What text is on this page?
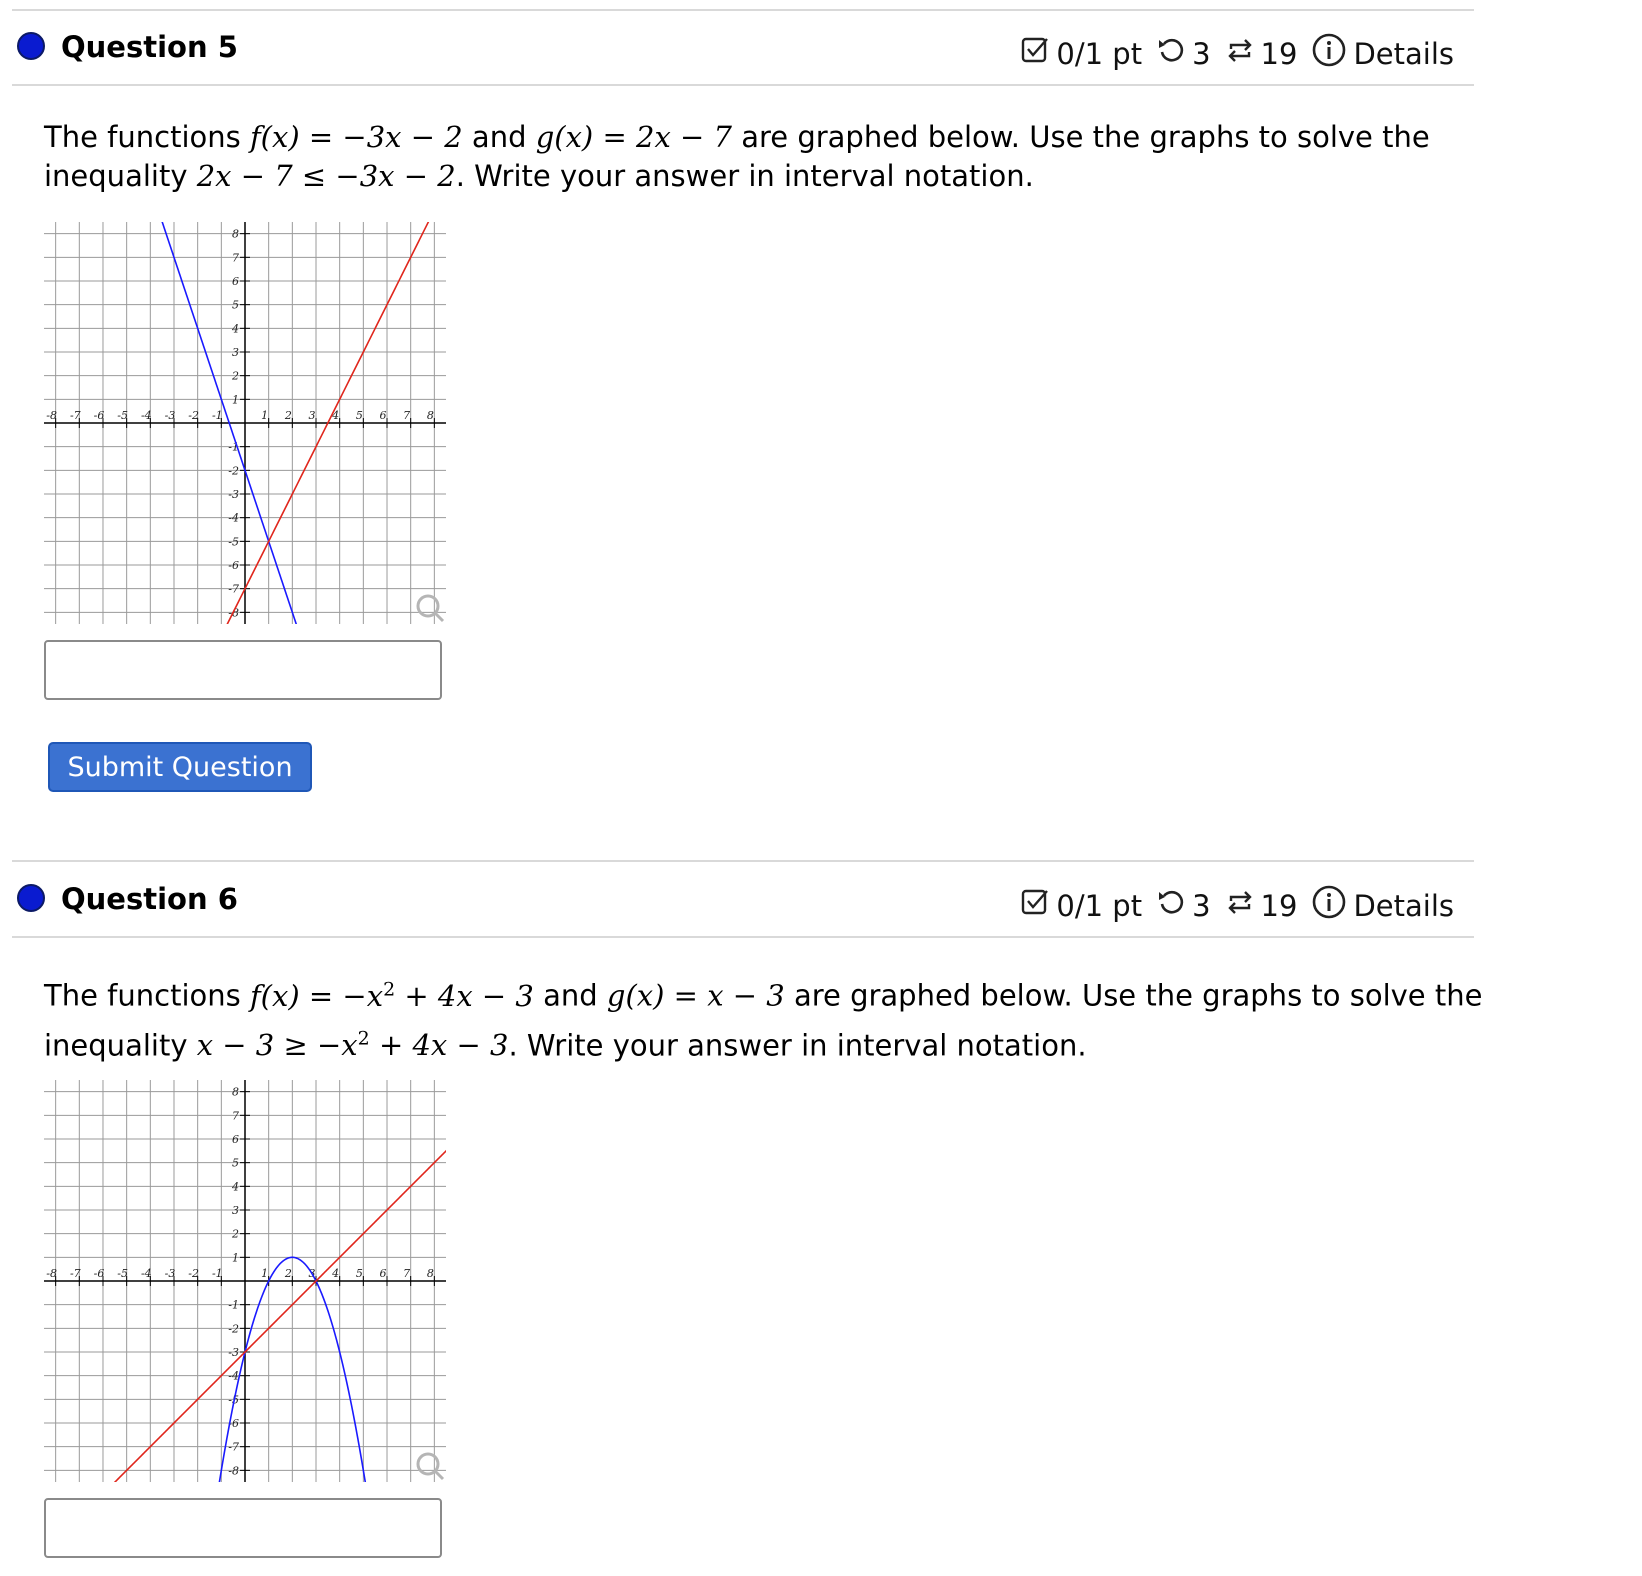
Question 5	0/1 pt 3 19 Details
The functions f(x) = −3x − 2 and g(x) = 2x − 7 are graphed below. Use the graphs to solve the
inequality 2x − 7 ≤ −3x − 2. Write your answer in interval notation.
-8 -7 -6 -5 -4 -3 -2 -1	1 2 3 4 5 6 7 8
8
7
6
5
4
3
2
1
-1
-2
-3
-4
-5
-6
-7
-8
Submit Question
Question 6	0/1 pt 3 19 Details
The functions $f(x) = -x^2 + 4x - 3$ and g(x) = x − 3 are graphed below. Use the graphs to solve the
inequality $x - 3 \ge -x^2 + 4x - 3$. Write your answer in interval notation.
-8 -7 -6 -5 -4 -3 -2 -1	1 2 3 4 5 6 7 8
8
7
6
5
4
3
2
1
-1
-2
-3
-4
-5
-6
-7
-8
